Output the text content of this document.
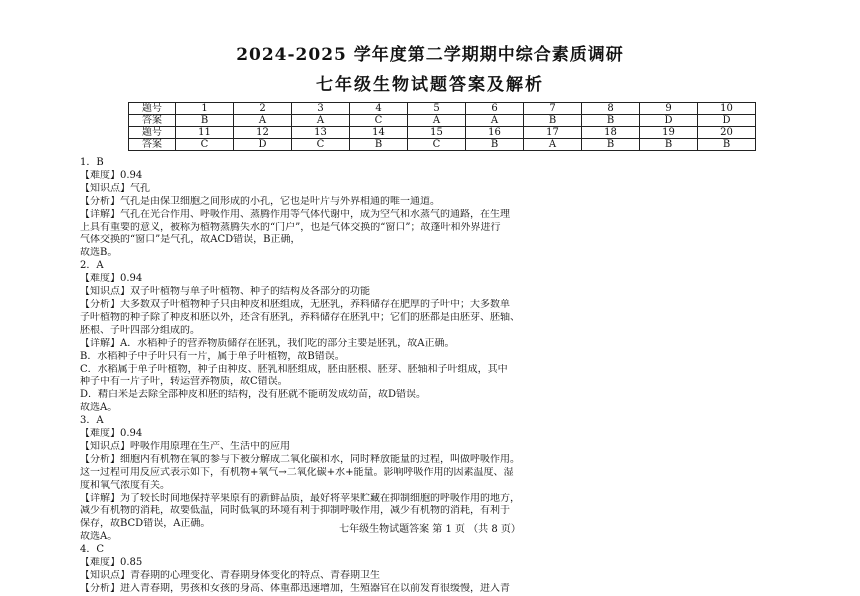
2024-2025 学年度第二学期期中综合素质调研
七年级生物试题答案及解析
题号	1	2	3	4	5	6	7	8	9	10
答案	B	A	A	C	A	A	B	B	D	D
题号	11	12	13	14	15	16	17	18	19	20
答案	C	D	C	B	C	B	A	B	B	B

1．B

【难度】0.94

【知识点】气孔

【分析】气孔是由保卫细胞之间形成的小孔，它也是叶片与外界相通的唯一通道。

【详解】气孔在光合作用、呼吸作用、蒸腾作用等气体代谢中，成为空气和水蒸气的通路，在生理

上具有重要的意义，被称为植物蒸腾失水的“门户”，也是气体交换的“窗口”；故蓬叶和外界进行

气体交换的“窗口”是气孔，故ACD错误，B正确，

故选B。

2．A

【难度】0.94

【知识点】双子叶植物与单子叶植物、种子的结构及各部分的功能

【分析】大多数双子叶植物种子只由种皮和胚组成，无胚乳，养料储存在肥厚的子叶中；大多数单

子叶植物的种子除了种皮和胚以外，还含有胚乳，养料储存在胚乳中；它们的胚都是由胚芽、胚轴、

胚根、子叶四部分组成的。

【详解】A．水稻种子的营养物质储存在胚乳，我们吃的部分主要是胚乳，故A正确。

B．水稻种子中子叶只有一片，属于单子叶植物，故B错误。

C．水稻属于单子叶植物，种子由种皮、胚乳和胚组成，胚由胚根、胚芽、胚轴和子叶组成，其中

种子中有一片子叶，转运营养物质，故C错误。

D．精白米是去除全部种皮和胚的结构，没有胚就不能萌发成幼苗，故D错误。

故选A。

3．A

【难度】0.94

【知识点】呼吸作用原理在生产、生活中的应用

【分析】细胞内有机物在氧的参与下被分解成二氧化碳和水，同时释放能量的过程，叫做呼吸作用。

这一过程可用反应式表示如下，有机物+氧气→二氧化碳+水+能量。影响呼吸作用的因素温度、湿

度和氧气浓度有关。

【详解】为了较长时间地保持苹果原有的新鲜品质，最好将苹果贮藏在抑制细胞的呼吸作用的地方，

减少有机物的消耗，故要低温，同时低氧的环境有利于抑制呼吸作用，减少有机物的消耗，有利于

保存，故BCD错误，A正确。

故选A。

4．C

【难度】0.85

【知识点】青春期的心理变化、青春期身体变化的特点、青春期卫生

【分析】进入青春期，男孩和女孩的身高、体重都迅速增加，生殖器官在以前发育很缓慢，进入青

七年级生物试题答案 第 1 页 （共 8 页）
